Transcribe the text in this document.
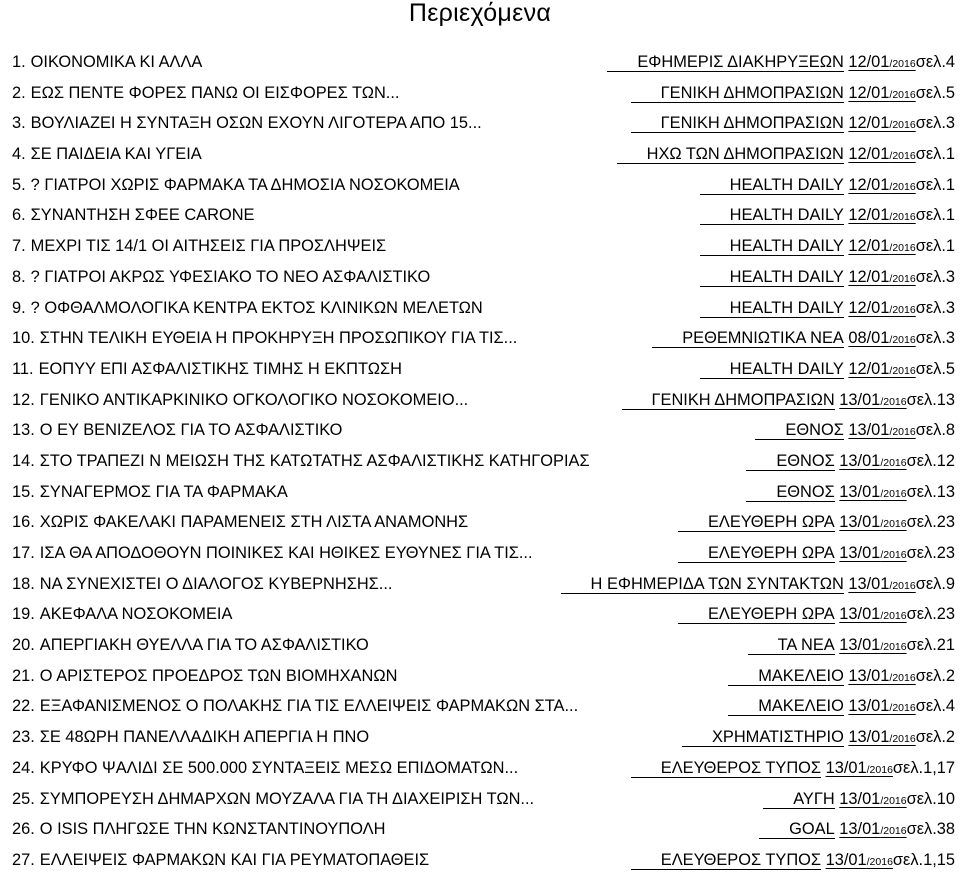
Περιεχόμενα
1. ΟΙΚΟΝΟΜΙΚΑ ΚΙ ΑΛΛΑ	ΕΦΗΜΕΡΙΣ ΔΙΑΚΗΡΥΞΕΩΝ 12/01/2016σελ.4
2. ΕΩΣ ΠΕΝΤΕ ΦΟΡΕΣ ΠΑΝΩ ΟΙ ΕΙΣΦΟΡΕΣ ΤΩΝ...	ΓΕΝΙΚΗ ΔΗΜΟΠΡΑΣΙΩΝ 12/01/2016σελ.5
3. ΒΟΥΛΙΑΖΕΙ Η ΣΥΝΤΑΞΗ ΟΣΩΝ ΕΧΟΥΝ ΛΙΓΟΤΕΡΑ ΑΠΟ 15...	ΓΕΝΙΚΗ ΔΗΜΟΠΡΑΣΙΩΝ 12/01/2016σελ.3
4. ΣΕ ΠΑΙΔΕΙΑ ΚΑΙ ΥΓΕΙΑ	ΗΧΩ ΤΩΝ ΔΗΜΟΠΡΑΣΙΩΝ 12/01/2016σελ.1
5. ? ΓΙΑΤΡΟΙ ΧΩΡΙΣ ΦΑΡΜΑΚΑ ΤΑ ΔΗΜΟΣΙΑ ΝΟΣΟΚΟΜΕΙΑ	HEALTH DAILY 12/01/2016σελ.1
6. ΣΥΝΑΝΤΗΣΗ ΣΦΕΕ CARONE	HEALTH DAILY 12/01/2016σελ.1
7. ΜΕΧΡΙ ΤΙΣ 14/1 ΟΙ ΑΙΤΗΣΕΙΣ ΓΙΑ ΠΡΟΣΛΗΨΕΙΣ	HEALTH DAILY 12/01/2016σελ.1
8. ? ΓΙΑΤΡΟΙ ΑΚΡΩΣ ΥΦΕΣΙΑΚΟ ΤΟ ΝΕΟ ΑΣΦΑΛΙΣΤΙΚΟ	HEALTH DAILY 12/01/2016σελ.3
9. ? ΟΦΘΑΛΜΟΛΟΓΙΚΑ ΚΕΝΤΡΑ ΕΚΤΟΣ ΚΛΙΝΙΚΩΝ ΜΕΛΕΤΩΝ	HEALTH DAILY 12/01/2016σελ.3
10. ΣΤΗΝ ΤΕΛΙΚΗ ΕΥΘΕΙΑ Η ΠΡΟΚΗΡΥΞΗ ΠΡΟΣΩΠΙΚΟΥ ΓΙΑ ΤΙΣ...	ΡΕΘΕΜΝΙΩΤΙΚΑ ΝΕΑ 08/01/2016σελ.3
11. ΕΟΠΥΥ ΕΠΙ ΑΣΦΑΛΙΣΤΙΚΗΣ ΤΙΜΗΣ Η ΕΚΠΤΩΣΗ	HEALTH DAILY 12/01/2016σελ.5
12. ΓΕΝΙΚΟ ΑΝΤΙΚΑΡΚΙΝΙΚΟ ΟΓΚΟΛΟΓΙΚΟ ΝΟΣΟΚΟΜΕΙΟ...	ΓΕΝΙΚΗ ΔΗΜΟΠΡΑΣΙΩΝ 13/01/2016σελ.13
13. Ο ΕΥ ΒΕΝΙΖΕΛΟΣ ΓΙΑ ΤΟ ΑΣΦΑΛΙΣΤΙΚΟ	ΕΘΝΟΣ 13/01/2016σελ.8
14. ΣΤΟ ΤΡΑΠΕΖΙ Ν ΜΕΙΩΣΗ ΤΗΣ ΚΑΤΩΤΑΤΗΣ ΑΣΦΑΛΙΣΤΙΚΗΣ ΚΑΤΗΓΟΡΙΑΣ	ΕΘΝΟΣ 13/01/2016σελ.12
15. ΣΥΝΑΓΕΡΜΟΣ ΓΙΑ ΤΑ ΦΑΡΜΑΚΑ	ΕΘΝΟΣ 13/01/2016σελ.13
16. ΧΩΡΙΣ ΦΑΚΕΛΑΚΙ ΠΑΡΑΜΕΝΕΙΣ ΣΤΗ ΛΙΣΤΑ ΑΝΑΜΟΝΗΣ	ΕΛΕΥΘΕΡΗ ΩΡΑ 13/01/2016σελ.23
17. ΙΣΑ ΘΑ ΑΠΟΔΟΘΟΥΝ ΠΟΙΝΙΚΕΣ ΚΑΙ ΗΘΙΚΕΣ ΕΥΘΥΝΕΣ ΓΙΑ ΤΙΣ...	ΕΛΕΥΘΕΡΗ ΩΡΑ 13/01/2016σελ.23
18. ΝΑ ΣΥΝΕΧΙΣΤΕΙ Ο ΔΙΑΛΟΓΟΣ ΚΥΒΕΡΝΗΣΗΣ...	Η ΕΦΗΜΕΡΙΔΑ ΤΩΝ ΣΥΝΤΑΚΤΩΝ 13/01/2016σελ.9
19. ΑΚΕΦΑΛΑ ΝΟΣΟΚΟΜΕΙΑ	ΕΛΕΥΘΕΡΗ ΩΡΑ 13/01/2016σελ.23
20. ΑΠΕΡΓΙΑΚΗ ΘΥΕΛΛΑ ΓΙΑ ΤΟ ΑΣΦΑΛΙΣΤΙΚΟ	ΤΑ ΝΕΑ 13/01/2016σελ.21
21. Ο ΑΡΙΣΤΕΡΟΣ ΠΡΟΕΔΡΟΣ ΤΩΝ ΒΙΟΜΗΧΑΝΩΝ	ΜΑΚΕΛΕΙΟ 13/01/2016σελ.2
22. ΕΞΑΦΑΝΙΣΜΕΝΟΣ Ο ΠΟΛΑΚΗΣ ΓΙΑ ΤΙΣ ΕΛΛΕΙΨΕΙΣ ΦΑΡΜΑΚΩΝ ΣΤΑ...	ΜΑΚΕΛΕΙΟ 13/01/2016σελ.4
23. ΣΕ 48ΩΡΗ ΠΑΝΕΛΛΑΔΙΚΗ ΑΠΕΡΓΙΑ Η ΠΝΟ	ΧΡΗΜΑΤΙΣΤΗΡΙΟ 13/01/2016σελ.2
24. ΚΡΥΦΟ ΨΑΛΙΔΙ ΣΕ 500.000 ΣΥΝΤΑΞΕΙΣ ΜΕΣΩ ΕΠΙΔΟΜΑΤΩΝ...	ΕΛΕΥΘΕΡΟΣ ΤΥΠΟΣ 13/01/2016σελ.1,17
25. ΣΥΜΠΟΡΕΥΣΗ ΔΗΜΑΡΧΩΝ ΜΟΥΖΑΛΑ ΓΙΑ ΤΗ ΔΙΑΧΕΙΡΙΣΗ ΤΩΝ...	ΑΥΓΗ 13/01/2016σελ.10
26. Ο ISIS ΠΛΗΓΩΣΕ ΤΗΝ ΚΩΝΣΤΑΝΤΙΝΟΥΠΟΛΗ	GOAL 13/01/2016σελ.38
27. ΕΛΛΕΙΨΕΙΣ ΦΑΡΜΑΚΩΝ ΚΑΙ ΓΙΑ ΡΕΥΜΑΤΟΠΑΘΕΙΣ	ΕΛΕΥΘΕΡΟΣ ΤΥΠΟΣ 13/01/2016σελ.1,15
